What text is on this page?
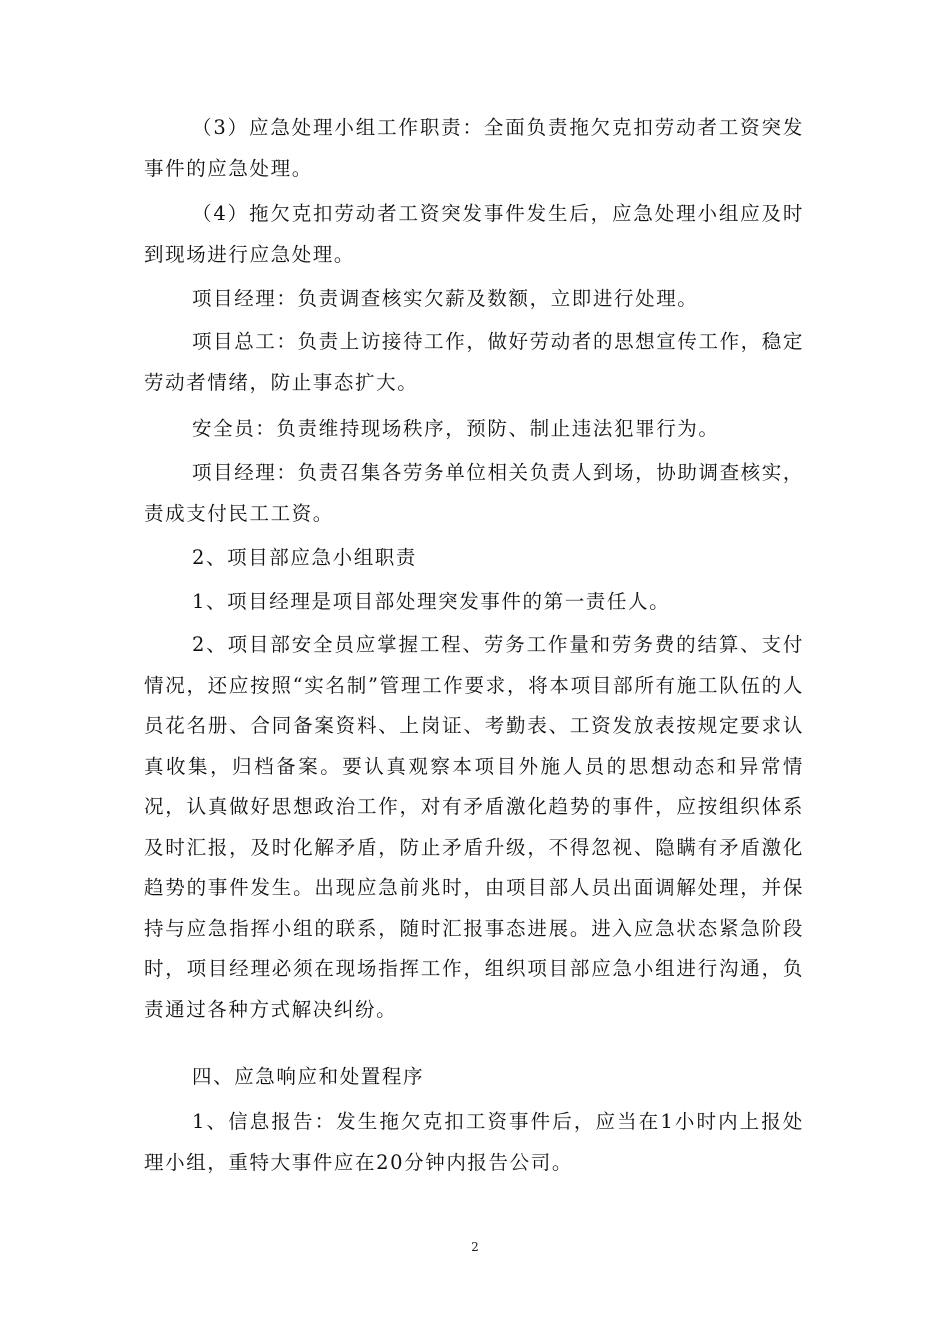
（3）应急处理小组工作职责：全面负责拖欠克扣劳动者工资突发事件的应急处理。

（4）拖欠克扣劳动者工资突发事件发生后，应急处理小组应及时到现场进行应急处理。

项目经理：负责调查核实欠薪及数额，立即进行处理。

项目总工：负责上访接待工作，做好劳动者的思想宣传工作，稳定劳动者情绪，防止事态扩大。

安全员：负责维持现场秩序，预防、制止违法犯罪行为。

项目经理：负责召集各劳务单位相关负责人到场，协助调查核实，责成支付民工工资。

2、项目部应急小组职责

1、项目经理是项目部处理突发事件的第一责任人。

2、项目部安全员应掌握工程、劳务工作量和劳务费的结算、支付情况，还应按照“实名制”管理工作要求，将本项目部所有施工队伍的人员花名册、合同备案资料、上岗证、考勤表、工资发放表按规定要求认真收集，归档备案。要认真观察本项目外施人员的思想动态和异常情况，认真做好思想政治工作，对有矛盾激化趋势的事件，应按组织体系及时汇报，及时化解矛盾，防止矛盾升级，不得忽视、隐瞒有矛盾激化趋势的事件发生。出现应急前兆时，由项目部人员出面调解处理，并保持与应急指挥小组的联系，随时汇报事态进展。进入应急状态紧急阶段时，项目经理必须在现场指挥工作，组织项目部应急小组进行沟通，负责通过各种方式解决纠纷。

四、应急响应和处置程序

1、信息报告：发生拖欠克扣工资事件后，应当在1小时内上报处理小组，重特大事件应在20分钟内报告公司。

2
